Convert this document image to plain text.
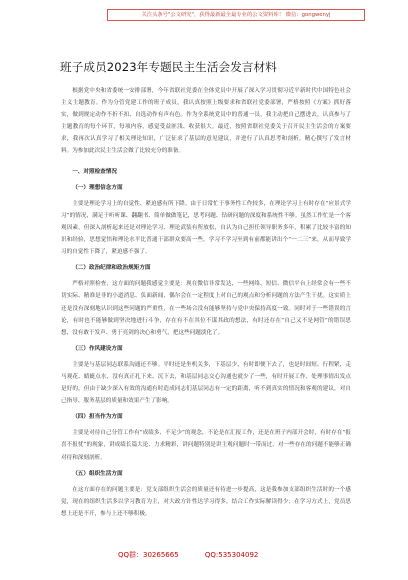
关注头条号"公文研究"，获得最新最全最专业的公文资料库！ 微信：gongwenyj
班子成员2023年专题民主生活会发言材料

根据党中央和省委统一安排部署，今年省联社党委在全体党员中开展了深入学习贯彻习近平新时代中国特色社会主义主题教育。作为分管党建工作的班子成员，我认真按照上级要求和省联社党委部署，严格按照《方案》抓好落实，做到规定动作不折不扣、自选动作有声有色。作为全系统党员中的普通一员，我主动把自己摆进去，认真参与了主题教育的每个环节，每项内容，感觉受益匪浅、收获很大。最近，按照省联社党委关于召开民主生活会的方案要求，我再次认真学习了相关理论知识，广泛征求了基层的意见建议，并进行了认真思考和剖析，精心撰写了发言材料。为参加此次民主生活会做了比较充分的准备。

一、对照检查情况

（一）理想信念方面

主要是理论学习上的自觉性、紧迫感有所下降。由于日常忙于事务性工作较多，在理论学习上有时存在“应景式学习”的情况，满足于听听课、翻翻书、简单做做笔记，思考问题、钻研问题的深度和系统性不够。虽然工作忙是一个客观因素，但深入剖析起来还是对理论学习、理论武装有所放松，自认为自己担任领导职务多年，积累了比较丰富的知识和经验，思想觉悟和理论水平比普通干部群众要高一些，学习不学习至到有前都能讲出个“一二三”来，从而导致学习的自觉性下降了，紧迫感不强了。

（二）政治纪律和政治规矩方面

严格对照检查，这方面的问题我感觉主要是：现在微信非常发达，一些网络、短信、微信平台上经常会有一些不切实际、精准是非的小道消息、负面新闻，偶尔会在一定程度上对自己的观点和分析问题的方法产生干扰。这实质上还是没有深刻地认识到这些问题的严重性，在一些场合没有能够坚持与党中央保持高度一致。同时对于一些错误的言论，有时也不能够做到坚决地进行斗争，存在有不在其位不谋其政的想法，有时还存在“自己又不是网管”的错误思想，没有敢于发声、勇于亮剑的决心和勇气，把这些问题淡化了。

（三）作风建设方面

主要是与基层同志联系沟通还不够。平时还是坐机关多，下基层少，有时即便下去了，也是时间短、行程紧，走马观花、蜻蜓点水，没有真正扎下来、沉下去，和基层同志交心沟通也就少了一些，有时开展工作、处理事情出发点是好的，但由于缺少深入有效的沟通有时造成同志们基层同志有一定的距离，听不到真实的情况和客观的建议，对自己指导、服务基层的质量和效果产生了影响。

（四）担当作为方面

主要是对待自己分管工作有“成绩多、不足少”的观念，不论是在汇报工作，还是在班子内部开会时，有时存在“报喜不报忧”的现象，讲成绩长篇大论、力求精彩，讲问题特别是讲主观问题时一带而过，对一些存在的问题不能够正确对待和深刻剖析。

（五）组织生活方面

在这方面存在的问题主要是：党支部组织生活会的质量还有待进一步提高，这是我参加支部组织生活时的一个感觉，现在的组织生活多以学习教育为主，对大政方针性达学习得多，结合工作实际解读得少；在学习方式上，党员思想上还是不开，参与上还不够积极。

QQ群：30265665	QQ:535304092
